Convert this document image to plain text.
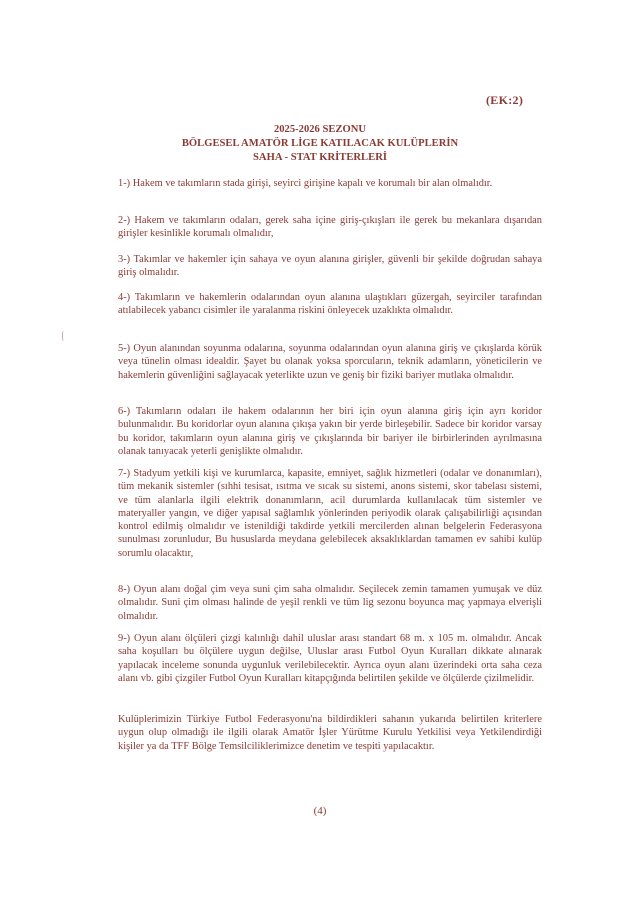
(EK:2)
2025-2026 SEZONU
BÖLGESEL AMATÖR LİGE KATILACAK KULÜPLERİN
SAHA - STAT KRİTERLERİ

1-) Hakem ve takımların stada girişi, seyirci girişine kapalı ve korumalı bir alan olmalıdır.

2-) Hakem ve takımların odaları, gerek saha içine giriş-çıkışları ile gerek bu mekanlara dışarıdan girişler kesinlikle korumalı olmalıdır,

3-) Takımlar ve hakemler için sahaya ve oyun alanına girişler, güvenli bir şekilde doğrudan sahaya giriş olmalıdır.

4-) Takımların ve hakemlerin odalarından oyun alanına ulaştıkları güzergah, seyirciler tarafından atılabilecek yabancı cisimler ile yaralanma riskini önleyecek uzaklıkta olmalıdır.

5-) Oyun alanından soyunma odalarına, soyunma odalarından oyun alanına giriş ve çıkışlarda körük veya tünelin olması idealdir. Şayet bu olanak yoksa sporcuların, teknik adamların, yöneticilerin ve hakemlerin güvenliğini sağlayacak yeterlikte uzun ve geniş bir fiziki bariyer mutlaka olmalıdır.

6-) Takımların odaları ile hakem odalarının her biri için oyun alanına giriş için ayrı koridor bulunmalıdır. Bu koridorlar oyun alanına çıkışa yakın bir yerde birleşebilir. Sadece bir koridor varsay bu koridor, takımların oyun alanına giriş ve çıkışlarında bir bariyer ile birbirlerinden ayrılmasına olanak tanıyacak yeterli genişlikte olmalıdır.

7-) Stadyum yetkili kişi ve kurumlarca, kapasite, emniyet, sağlık hizmetleri (odalar ve donanımları), tüm mekanik sistemler (sıhhi tesisat, ısıtma ve sıcak su sistemi, anons sistemi, skor tabelası sistemi, ve tüm alanlarla ilgili elektrik donanımların, acil durumlarda kullanılacak tüm sistemler ve materyaller yangın, ve diğer yapısal sağlamlık yönlerinden periyodik olarak çalışabilirliği açısından kontrol edilmiş olmalıdır ve istenildiği takdirde yetkili mercilerden alınan belgelerin Federasyona sunulması zorunludur, Bu hususlarda meydana gelebilecek aksaklıklardan tamamen ev sahibi kulüp sorumlu olacaktır,

8-) Oyun alanı doğal çim veya suni çim saha olmalıdır. Seçilecek zemin tamamen yumuşak ve düz olmalıdır. Suni çim olması halinde de yeşil renkli ve tüm lig sezonu boyunca maç yapmaya elverişli olmalıdır.

9-) Oyun alanı ölçüleri çizgi kalınlığı dahil uluslar arası standart 68 m. x 105 m. olmalıdır. Ancak saha koşulları bu ölçülere uygun değilse, Uluslar arası Futbol Oyun Kuralları dikkate alınarak yapılacak inceleme sonunda uygunluk verilebilecektir. Ayrıca oyun alanı üzerindeki orta saha ceza alanı vb. gibi çizgiler Futbol Oyun Kuralları kitapçığında belirtilen şekilde ve ölçülerde çizilmelidir.

Kulüplerimizin Türkiye Futbol Federasyonu'na bildirdikleri sahanın yukarıda belirtilen kriterlere uygun olup olmadığı ile ilgili olarak Amatör İşler Yürütme Kurulu Yetkilisi veya Yetkilendirdiği kişiler ya da TFF Bölge Temsilciliklerimizce denetim ve tespiti yapılacaktır.

(4)
